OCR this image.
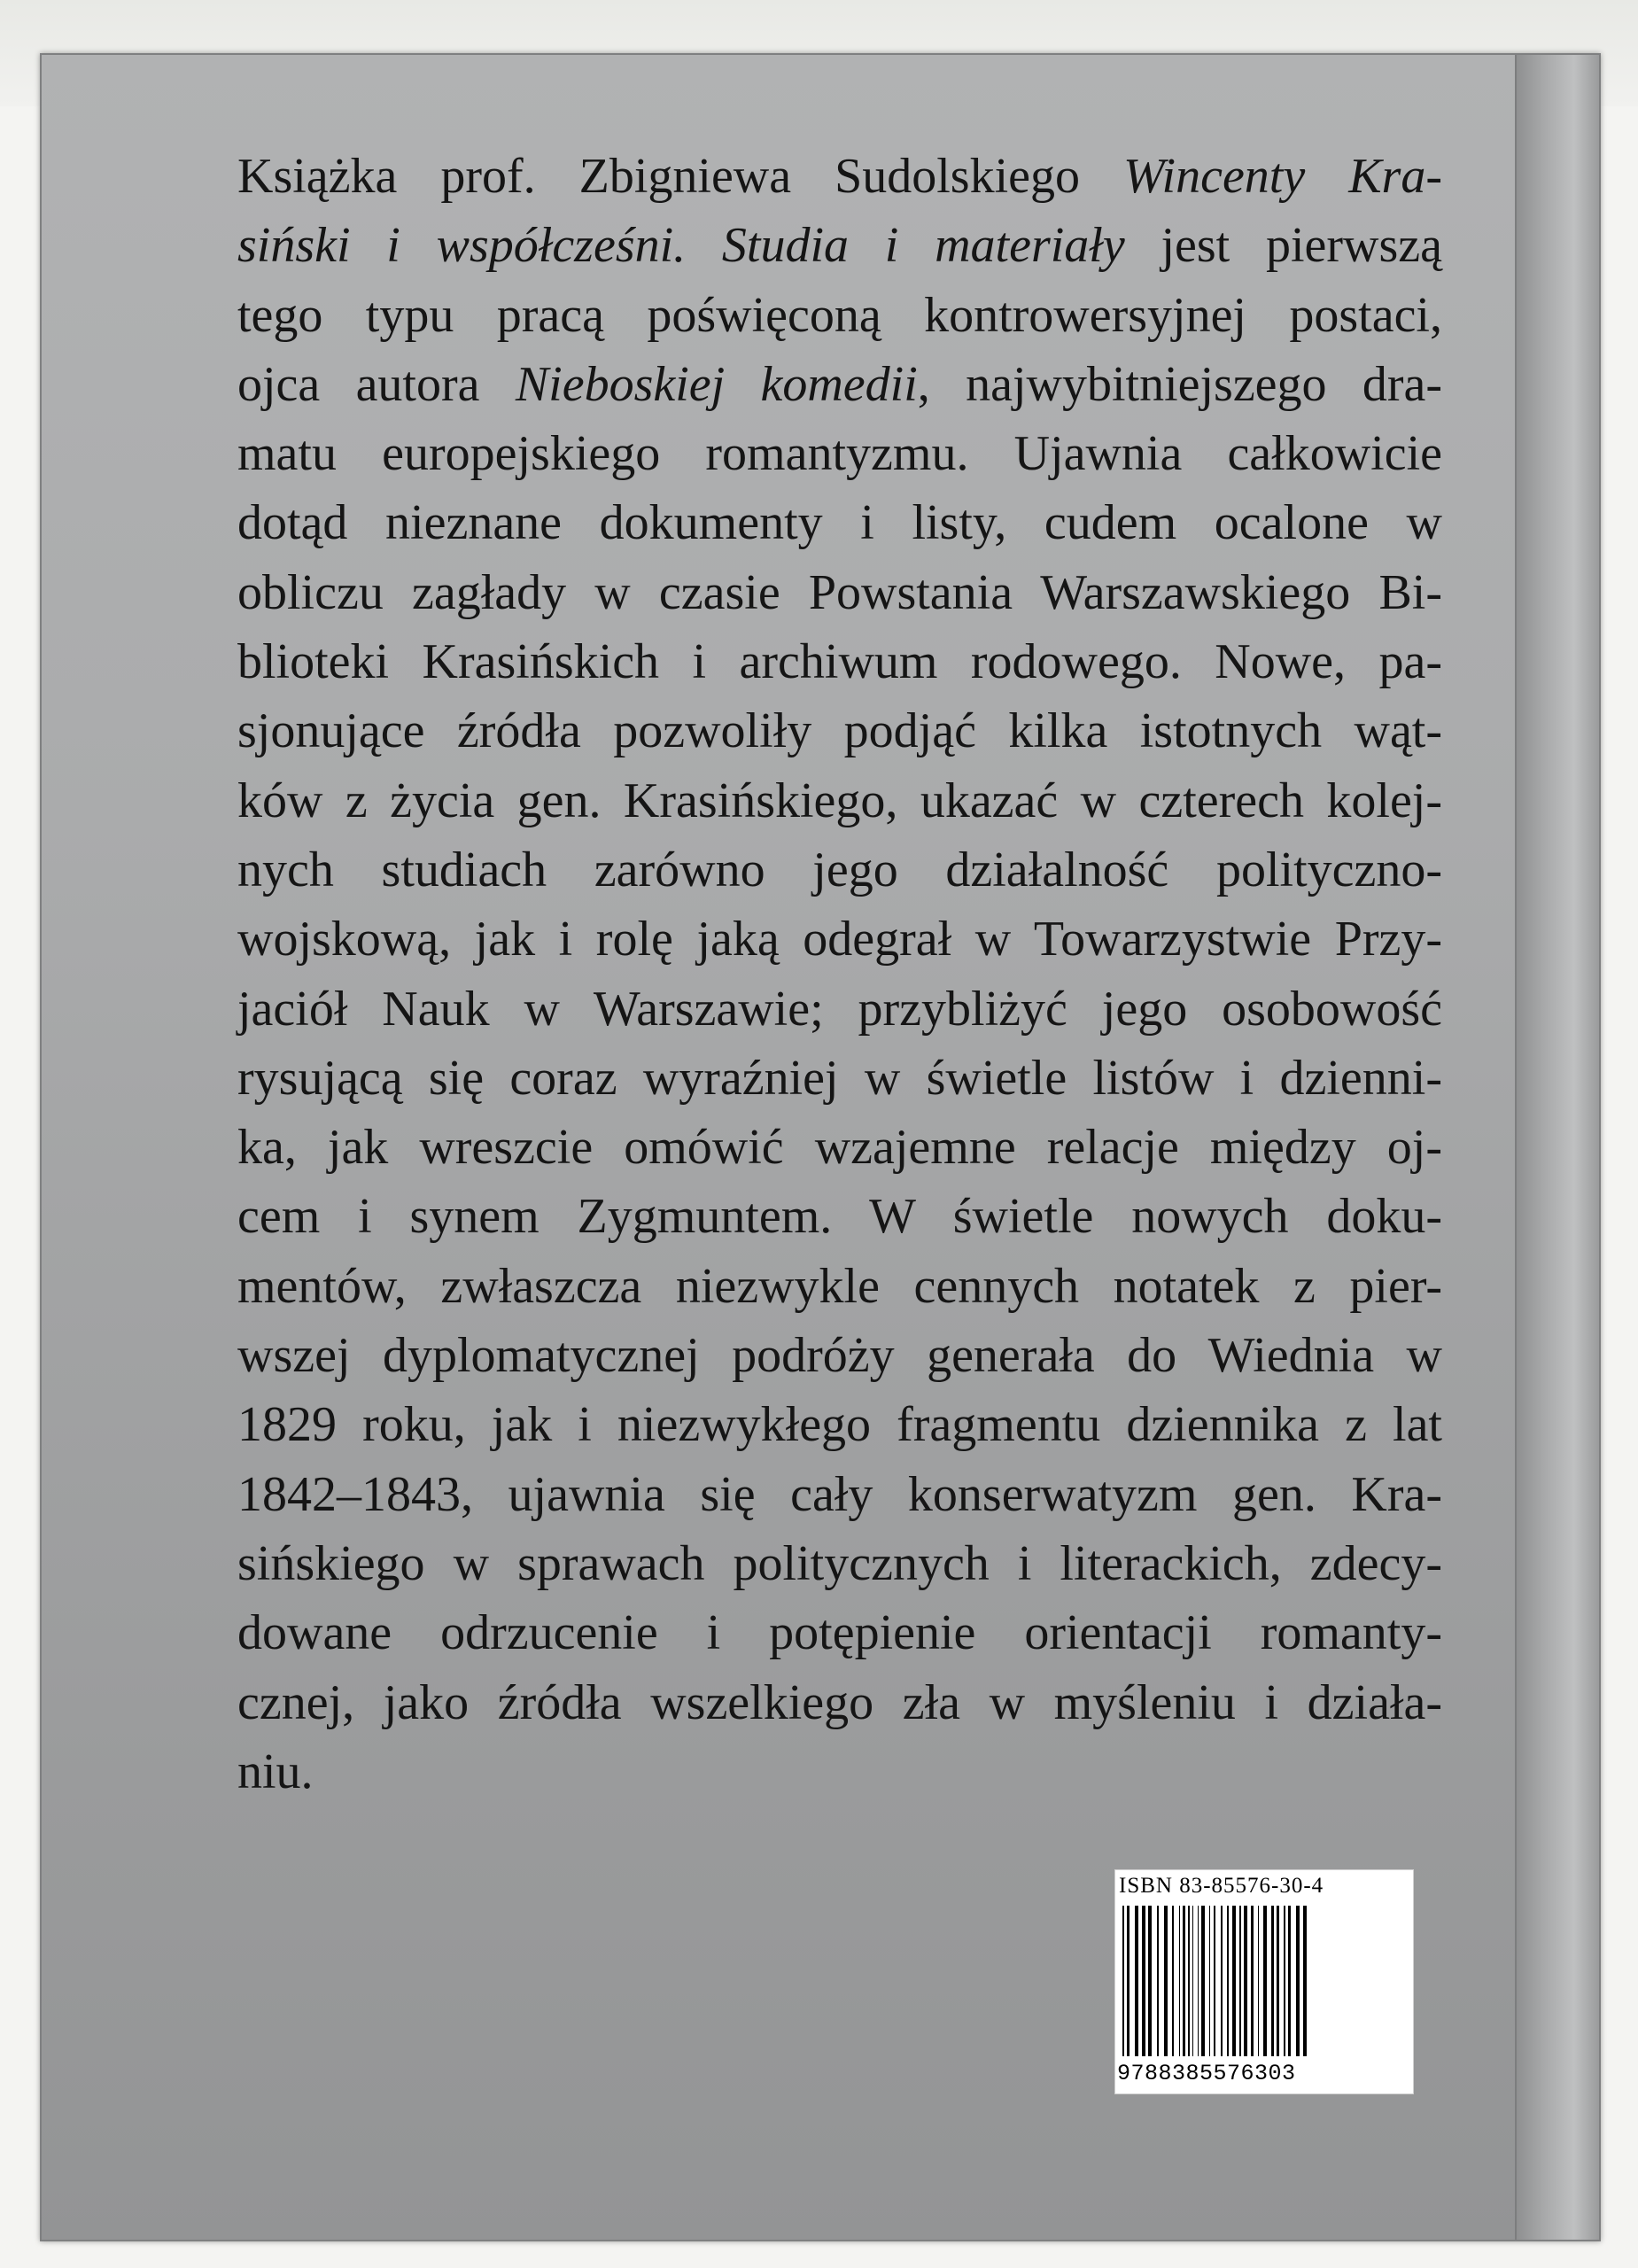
Książka prof. Zbigniewa Sudolskiego Wincenty Kra-
siński i współcześni. Studia i materiały jest pierwszą
tego typu pracą poświęconą kontrowersyjnej postaci,
ojca autora Nieboskiej komedii, najwybitniejszego dra-
matu europejskiego romantyzmu. Ujawnia całkowicie
dotąd nieznane dokumenty i listy, cudem ocalone w
obliczu zagłady w czasie Powstania Warszawskiego Bi-
blioteki Krasińskich i archiwum rodowego. Nowe, pa-
sjonujące źródła pozwoliły podjąć kilka istotnych wąt-
ków z życia gen. Krasińskiego, ukazać w czterech kolej-
nych studiach zarówno jego działalność polityczno-
wojskową, jak i rolę jaką odegrał w Towarzystwie Przy-
jaciół Nauk w Warszawie; przybliżyć jego osobowość
rysującą się coraz wyraźniej w świetle listów i dzienni-
ka, jak wreszcie omówić wzajemne relacje między oj-
cem i synem Zygmuntem. W świetle nowych doku-
mentów, zwłaszcza niezwykle cennych notatek z pier-
wszej dyplomatycznej podróży generała do Wiednia w
1829 roku, jak i niezwykłego fragmentu dziennika z lat
1842–1843, ujawnia się cały konserwatyzm gen. Kra-
sińskiego w sprawach politycznych i literackich, zdecy-
dowane odrzucenie i potępienie orientacji romanty-
cznej, jako źródła wszelkiego zła w myśleniu i działa-
niu.
ISBN 83-85576-30-4
9788385576303
